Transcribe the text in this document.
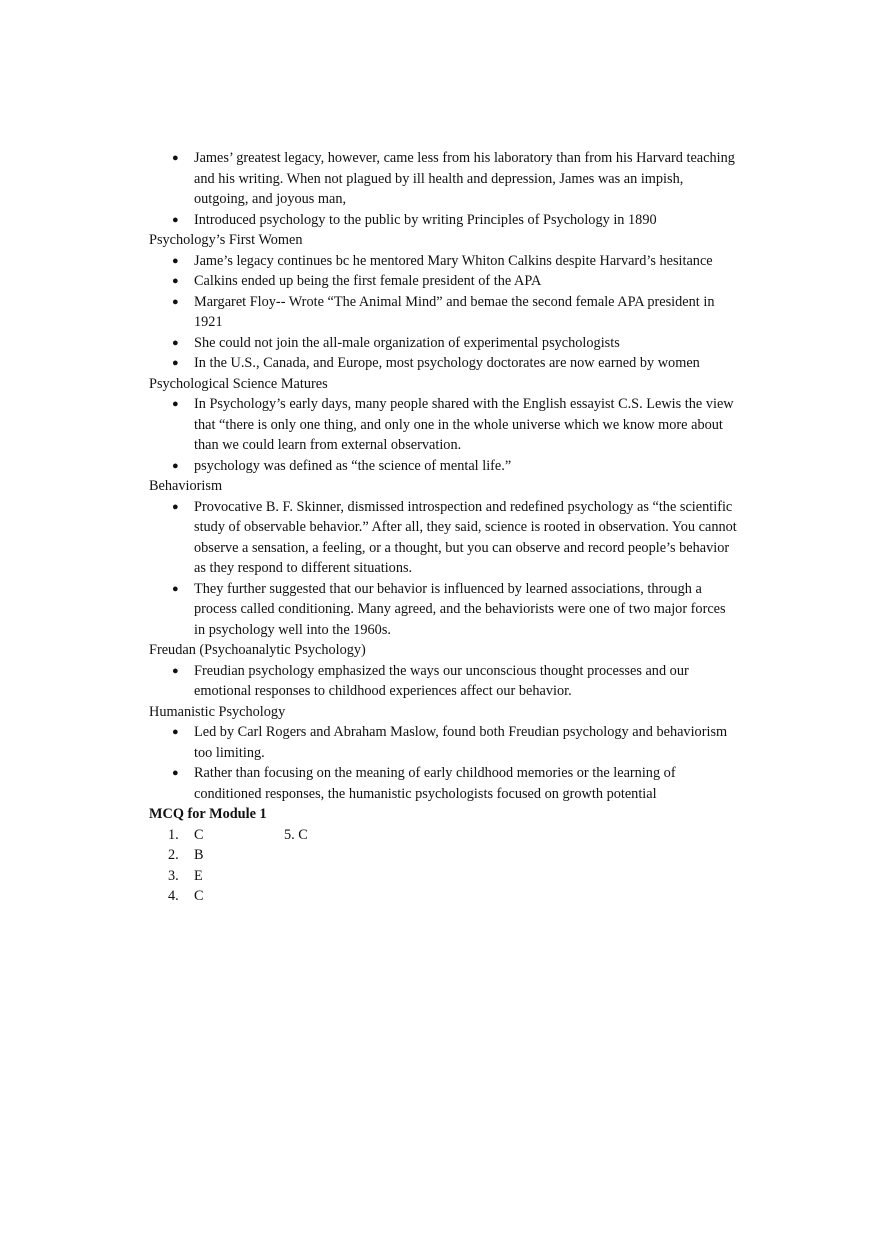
● James’ greatest legacy, however, came less from his laboratory than from his Harvard teaching and his writing. When not plagued by ill health and depression, James was an impish, outgoing, and joyous man,
● Introduced psychology to the public by writing Principles of Psychology in 1890

Psychology’s First Women

● Jame’s legacy continues bc he mentored Mary Whiton Calkins despite Harvard’s hesitance
● Calkins ended up being the first female president of the APA
● Margaret Floy-- Wrote “The Animal Mind” and bemae the second female APA president in 1921
● She could not join the all-male organization of experimental psychologists
● In the U.S., Canada, and Europe, most psychology doctorates are now earned by women

Psychological Science Matures

● In Psychology’s early days, many people shared with the English essayist C.S. Lewis the view that “there is only one thing, and only one in the whole universe which we know more about than we could learn from external observation.
● psychology was defined as “the science of mental life.”

Behaviorism

● Provocative B. F. Skinner, dismissed introspection and redefined psychology as “the scientific study of observable behavior.” After all, they said, science is rooted in observation. You cannot observe a sensation, a feeling, or a thought, but you can observe and record people’s behavior as they respond to different situations.
● They further suggested that our behavior is influenced by learned associations, through a process called conditioning. Many agreed, and the behaviorists were one of two major forces in psychology well into the 1960s.

Freudan (Psychoanalytic Psychology)

● Freudian psychology emphasized the ways our unconscious thought processes and our emotional responses to childhood experiences affect our behavior.

Humanistic Psychology

● Led by Carl Rogers and Abraham Maslow, found both Freudian psychology and behaviorism too limiting.
● Rather than focusing on the meaning of early childhood memories or the learning of conditioned responses, the humanistic psychologists focused on growth potential

MCQ for Module 1

1. C
2. B
3. E
4. C
5. C
